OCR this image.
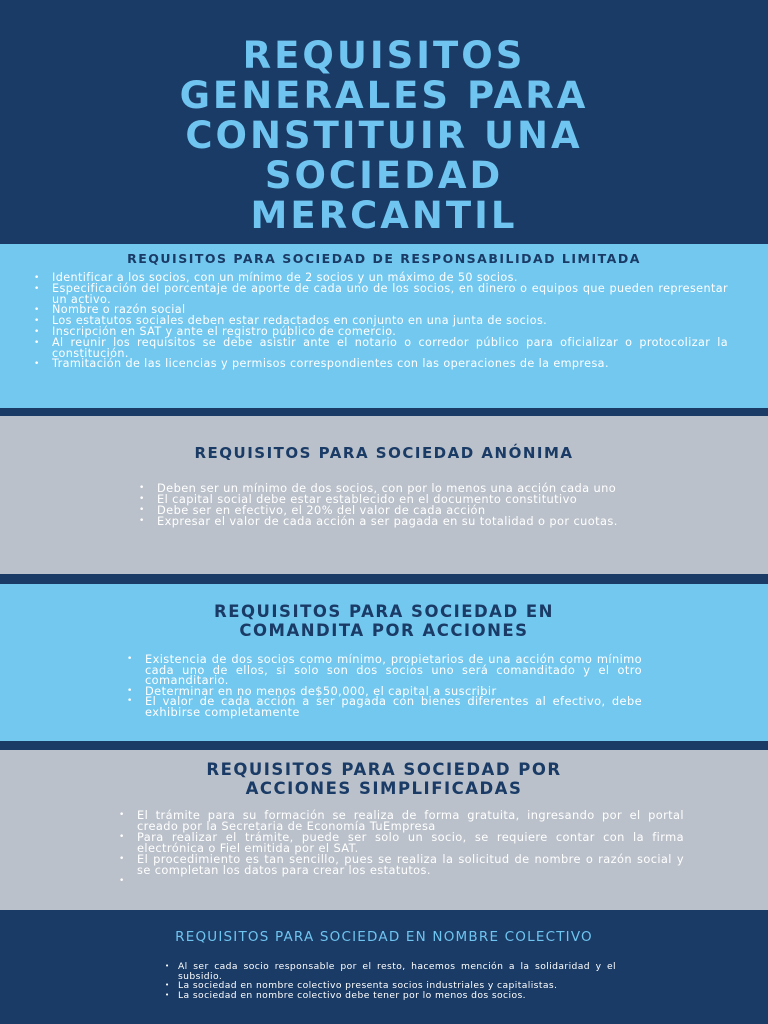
REQUISITOS
GENERALES PARA
CONSTITUIR UNA
SOCIEDAD
MERCANTIL
REQUISITOS PARA SOCIEDAD DE RESPONSABILIDAD LIMITADA
• Identificar a los socios, con un mínimo de 2 socios y un máximo de 50 socios.
• Especificación del porcentaje de aporte de cada uno de los socios, en dinero o equipos que pueden representar un activo.
• Nombre o razón social
• Los estatutos sociales deben estar redactados en conjunto en una junta de socios.
• Inscripción en SAT y ante el registro público de comercio.
• Al reunir los requisitos se debe asistir ante el notario o corredor público para oficializar o protocolizar la constitución.
• Tramitación de las licencias y permisos correspondientes con las operaciones de la empresa.
REQUISITOS PARA SOCIEDAD ANÓNIMA
• Deben ser un mínimo de dos socios, con por lo menos una acción cada uno
• El capital social debe estar establecido en el documento constitutivo
• Debe ser en efectivo, el 20% del valor de cada acción
• Expresar el valor de cada acción a ser pagada en su totalidad o por cuotas.
REQUISITOS PARA SOCIEDAD EN
COMANDITA POR ACCIONES
• Existencia de dos socios como mínimo, propietarios de una acción como mínimo cada uno de ellos, si solo son dos socios uno será comanditado y el otro comanditario.
• Determinar en no menos de$50,000, el capital a suscribir
• El valor de cada acción a ser pagada con bienes diferentes al efectivo, debe exhibirse completamente
REQUISITOS PARA SOCIEDAD POR
ACCIONES SIMPLIFICADAS
• El trámite para su formación se realiza de forma gratuita, ingresando por el portal creado por la Secretaria de Economía TuEmpresa
• Para realizar el trámite, puede ser solo un socio, se requiere contar con la firma electrónica o Fiel emitida por el SAT.
• El procedimiento es tan sencillo, pues se realiza la solicitud de nombre o razón social y se completan los datos para crear los estatutos.
•
REQUISITOS PARA SOCIEDAD EN NOMBRE COLECTIVO
• Al ser cada socio responsable por el resto, hacemos mención a la solidaridad y el subsidio.
• La sociedad en nombre colectivo presenta socios industriales y capitalistas.
• La sociedad en nombre colectivo debe tener por lo menos dos socios.
